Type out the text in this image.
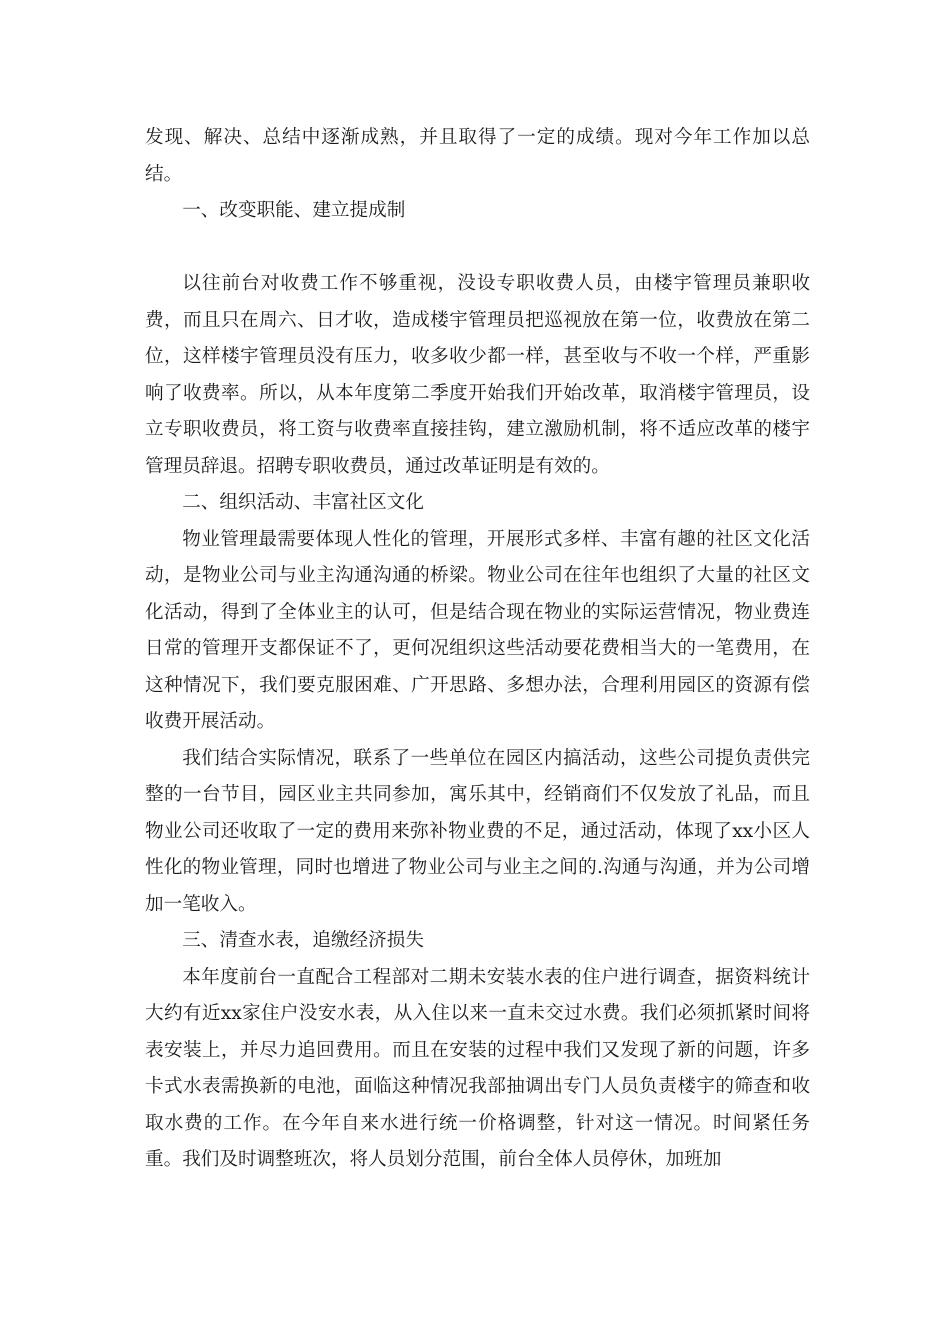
发现、解决、总结中逐渐成熟，并且取得了一定的成绩。现对今年工作加以总结。

一、改变职能、建立提成制

以往前台对收费工作不够重视，没设专职收费人员，由楼宇管理员兼职收费，而且只在周六、日才收，造成楼宇管理员把巡视放在第一位，收费放在第二位，这样楼宇管理员没有压力，收多收少都一样，甚至收与不收一个样，严重影响了收费率。所以，从本年度第二季度开始我们开始改革，取消楼宇管理员，设立专职收费员，将工资与收费率直接挂钩，建立激励机制，将不适应改革的楼宇管理员辞退。招聘专职收费员，通过改革证明是有效的。

二、组织活动、丰富社区文化

物业管理最需要体现人性化的管理，开展形式多样、丰富有趣的社区文化活动，是物业公司与业主沟通沟通的桥梁。物业公司在往年也组织了大量的社区文化活动，得到了全体业主的认可，但是结合现在物业的实际运营情况，物业费连日常的管理开支都保证不了，更何况组织这些活动要花费相当大的一笔费用，在这种情况下，我们要克服困难、广开思路、多想办法，合理利用园区的资源有偿收费开展活动。

我们结合实际情况，联系了一些单位在园区内搞活动，这些公司提负责供完整的一台节目，园区业主共同参加，寓乐其中，经销商们不仅发放了礼品，而且物业公司还收取了一定的费用来弥补物业费的不足，通过活动，体现了xx小区人性化的物业管理，同时也增进了物业公司与业主之间的.沟通与沟通，并为公司增加一笔收入。

三、清查水表，追缴经济损失

本年度前台一直配合工程部对二期未安装水表的住户进行调查，据资料统计大约有近xx家住户没安水表，从入住以来一直未交过水费。我们必须抓紧时间将表安装上，并尽力追回费用。而且在安装的过程中我们又发现了新的问题，许多卡式水表需换新的电池，面临这种情况我部抽调出专门人员负责楼宇的筛查和收取水费的工作。在今年自来水进行统一价格调整，针对这一情况。时间紧任务重。我们及时调整班次，将人员划分范围，前台全体人员停休，加班加
